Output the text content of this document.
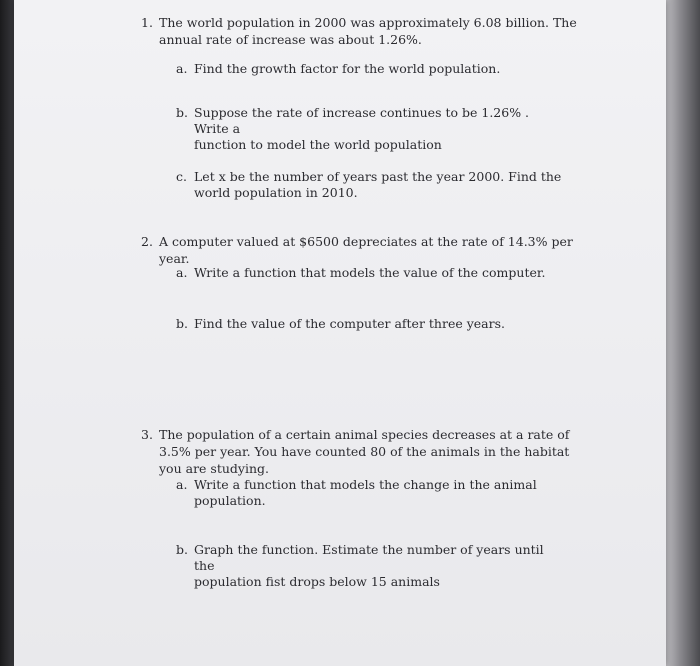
1. The world population in 2000 was approximately 6.08 billion. The
annual rate of increase was about 1.26%.
a. Find the growth factor for the world population.
b. Suppose the rate of increase continues to be 1.26% . Write a
function to model the world population
c. Let x be the number of years past the year 2000. Find the
world population in 2010.
2. A computer valued at $6500 depreciates at the rate of 14.3% per
year.
a. Write a function that models the value of the computer.
b. Find the value of the computer after three years.
3. The population of a certain animal species decreases at a rate of
3.5% per year. You have counted 80 of the animals in the habitat
you are studying.
a. Write a function that models the change in the animal
population.
b. Graph the function. Estimate the number of years until the
population fist drops below 15 animals
